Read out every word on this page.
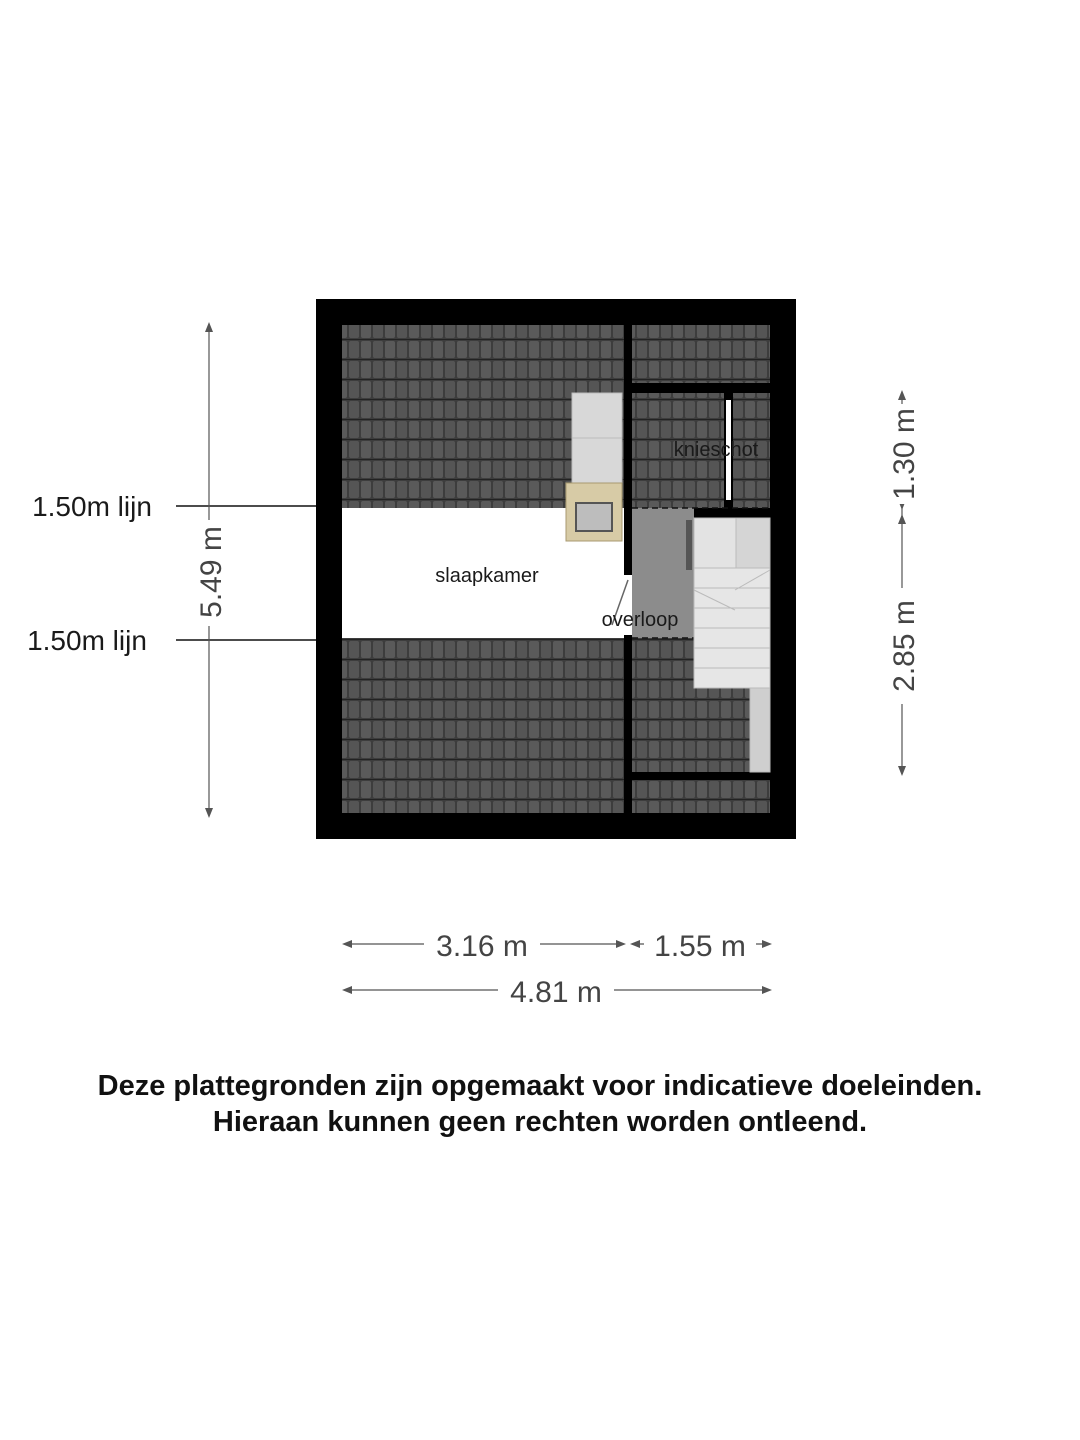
slaapkamer
overloop
knieschot
1.50m lijn
1.50m lijn
5.49 m
1.30 m
2.85 m
3.16 m	1.55 m
4.81 m
Deze plattegronden zijn opgemaakt voor indicatieve doeleinden.
Hieraan kunnen geen rechten worden ontleend.
